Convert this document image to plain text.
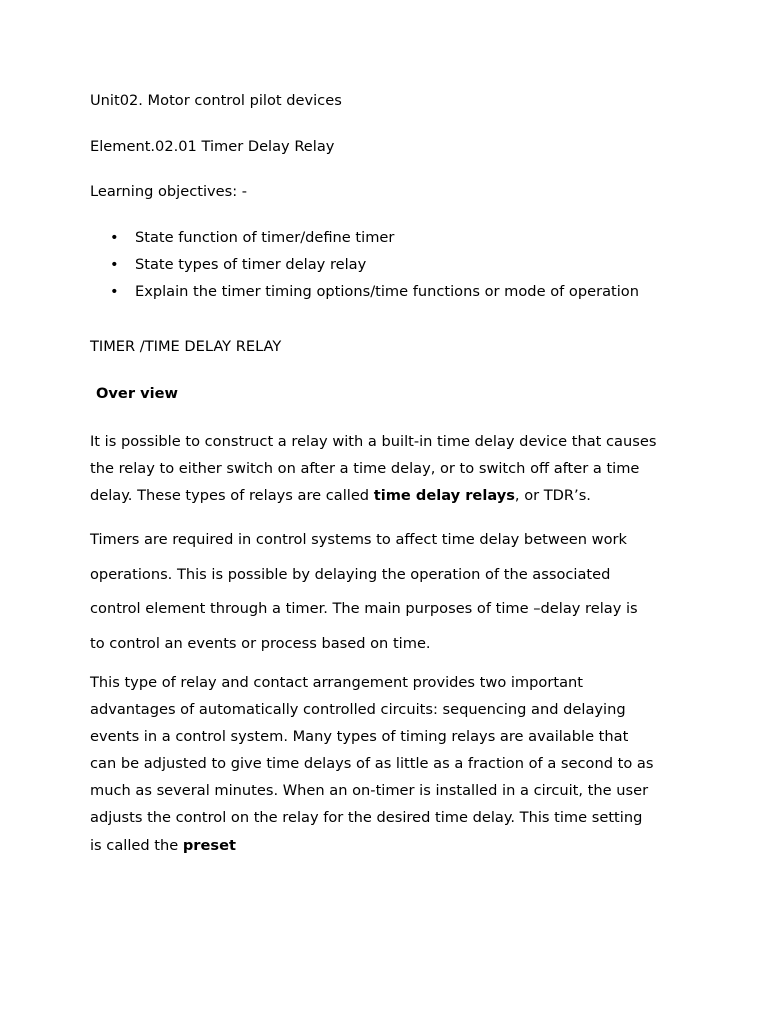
Unit02. Motor control pilot devices
Element.02.01 Timer Delay Relay
Learning objectives: -
• State function of timer/define timer
• State types of timer delay relay
• Explain the timer timing options/time functions or mode of operation
TIMER /TIME DELAY RELAY
Over view
It is possible to construct a relay with a built-in time delay device that causes
the relay to either switch on after a time delay, or to switch off after a time
delay. These types of relays are called time delay relays, or TDR’s.
Timers are required in control systems to affect time delay between work
operations. This is possible by delaying the operation of the associated
control element through a timer. The main purposes of time –delay relay is
to control an events or process based on time.
This type of relay and contact arrangement provides two important
advantages of automatically controlled circuits: sequencing and delaying
events in a control system. Many types of timing relays are available that
can be adjusted to give time delays of as little as a fraction of a second to as
much as several minutes. When an on-timer is installed in a circuit, the user
adjusts the control on the relay for the desired time delay. This time setting
is called the preset
